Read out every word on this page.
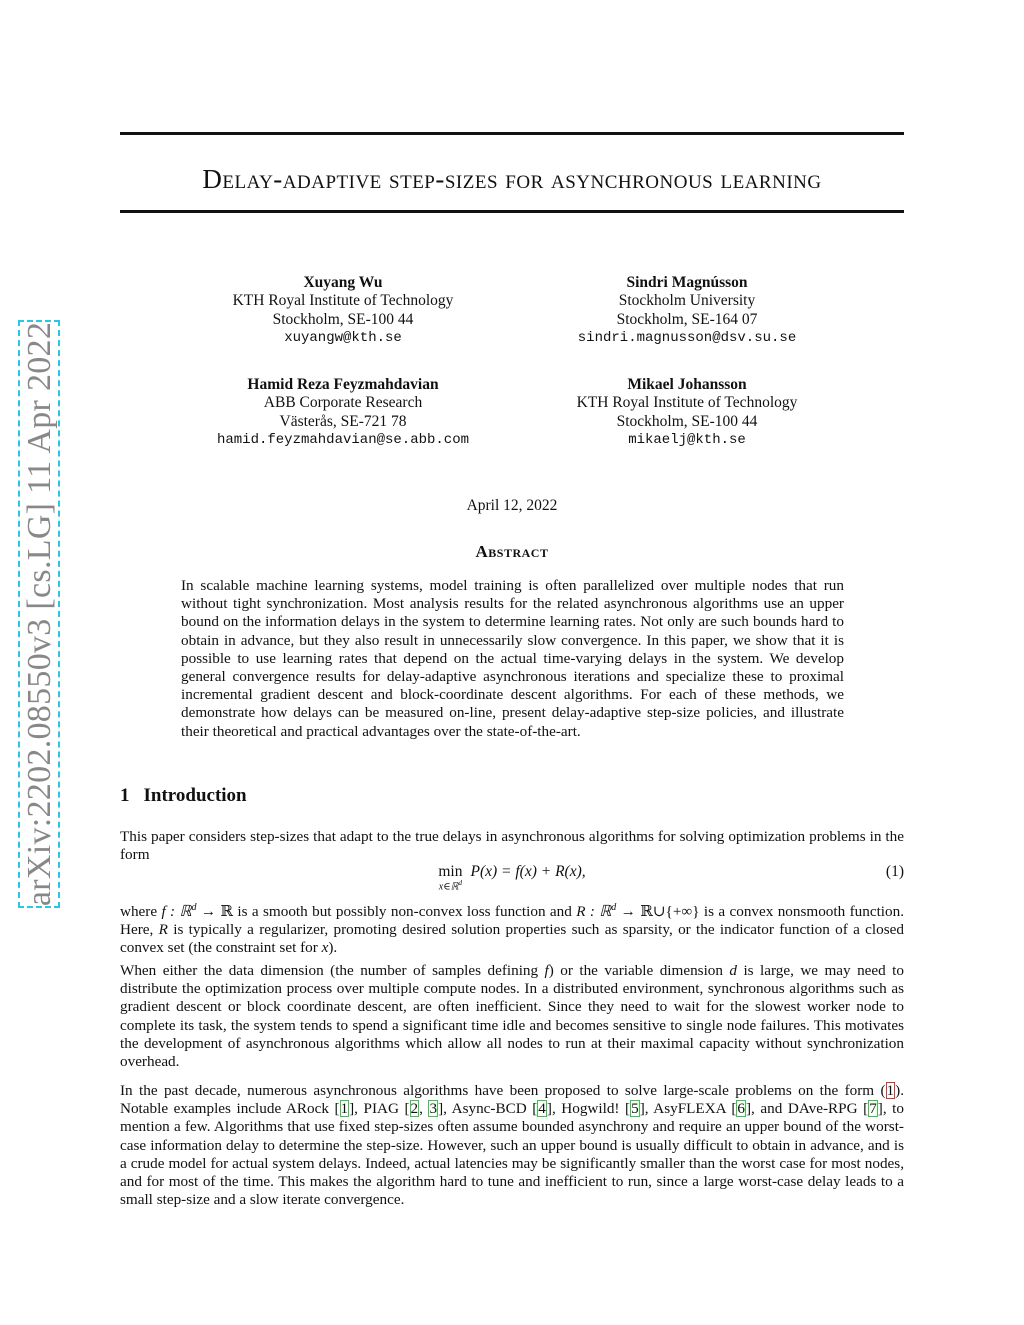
arXiv:2202.08550v3 [cs.LG] 11 Apr 2022
Delay-adaptive step-sizes for asynchronous learning
Xuyang Wu
KTH Royal Institute of Technology
Stockholm, SE-100 44
xuyangw@kth.se
Sindri Magnússon
Stockholm University
Stockholm, SE-164 07
sindri.magnusson@dsv.su.se
Hamid Reza Feyzmahdavian
ABB Corporate Research
Västerås, SE-721 78
hamid.feyzmahdavian@se.abb.com
Mikael Johansson
KTH Royal Institute of Technology
Stockholm, SE-100 44
mikaelj@kth.se
April 12, 2022
Abstract
In scalable machine learning systems, model training is often parallelized over multiple nodes that run without tight synchronization. Most analysis results for the related asynchronous algorithms use an upper bound on the information delays in the system to determine learning rates. Not only are such bounds hard to obtain in advance, but they also result in unnecessarily slow convergence. In this paper, we show that it is possible to use learning rates that depend on the actual time-varying delays in the system. We develop general convergence results for delay-adaptive asynchronous iterations and specialize these to proximal incremental gradient descent and block-coordinate descent algorithms. For each of these methods, we demonstrate how delays can be measured on-line, present delay-adaptive step-size policies, and illustrate their theoretical and practical advantages over the state-of-the-art.
1 Introduction
This paper considers step-sizes that adapt to the true delays in asynchronous algorithms for solving optimization problems in the form
min
x∈ℝ$^d$
P(x) = f(x) + R(x),	(1)
where f : ℝ$^d$ → ℝ is a smooth but possibly non-convex loss function and R : ℝ$^d$ → ℝ∪{+∞} is a convex nonsmooth function. Here, R is typically a regularizer, promoting desired solution properties such as sparsity, or the indicator function of a closed convex set (the constraint set for x).
When either the data dimension (the number of samples defining f) or the variable dimension d is large, we may need to distribute the optimization process over multiple compute nodes. In a distributed environment, synchronous algorithms such as gradient descent or block coordinate descent, are often inefficient. Since they need to wait for the slowest worker node to complete its task, the system tends to spend a significant time idle and becomes sensitive to single node failures. This motivates the development of asynchronous algorithms which allow all nodes to run at their maximal capacity without synchronization overhead.
In the past decade, numerous asynchronous algorithms have been proposed to solve large-scale problems on the form (1). Notable examples include ARock [1], PIAG [2, 3], Async-BCD [4], Hogwild! [5], AsyFLEXA [6], and DAve-RPG [7], to mention a few. Algorithms that use fixed step-sizes often assume bounded asynchrony and require an upper bound of the worst-case information delay to determine the step-size. However, such an upper bound is usually difficult to obtain in advance, and is a crude model for actual system delays. Indeed, actual latencies may be significantly smaller than the worst case for most nodes, and for most of the time. This makes the algorithm hard to tune and inefficient to run, since a large worst-case delay leads to a small step-size and a slow iterate convergence.
